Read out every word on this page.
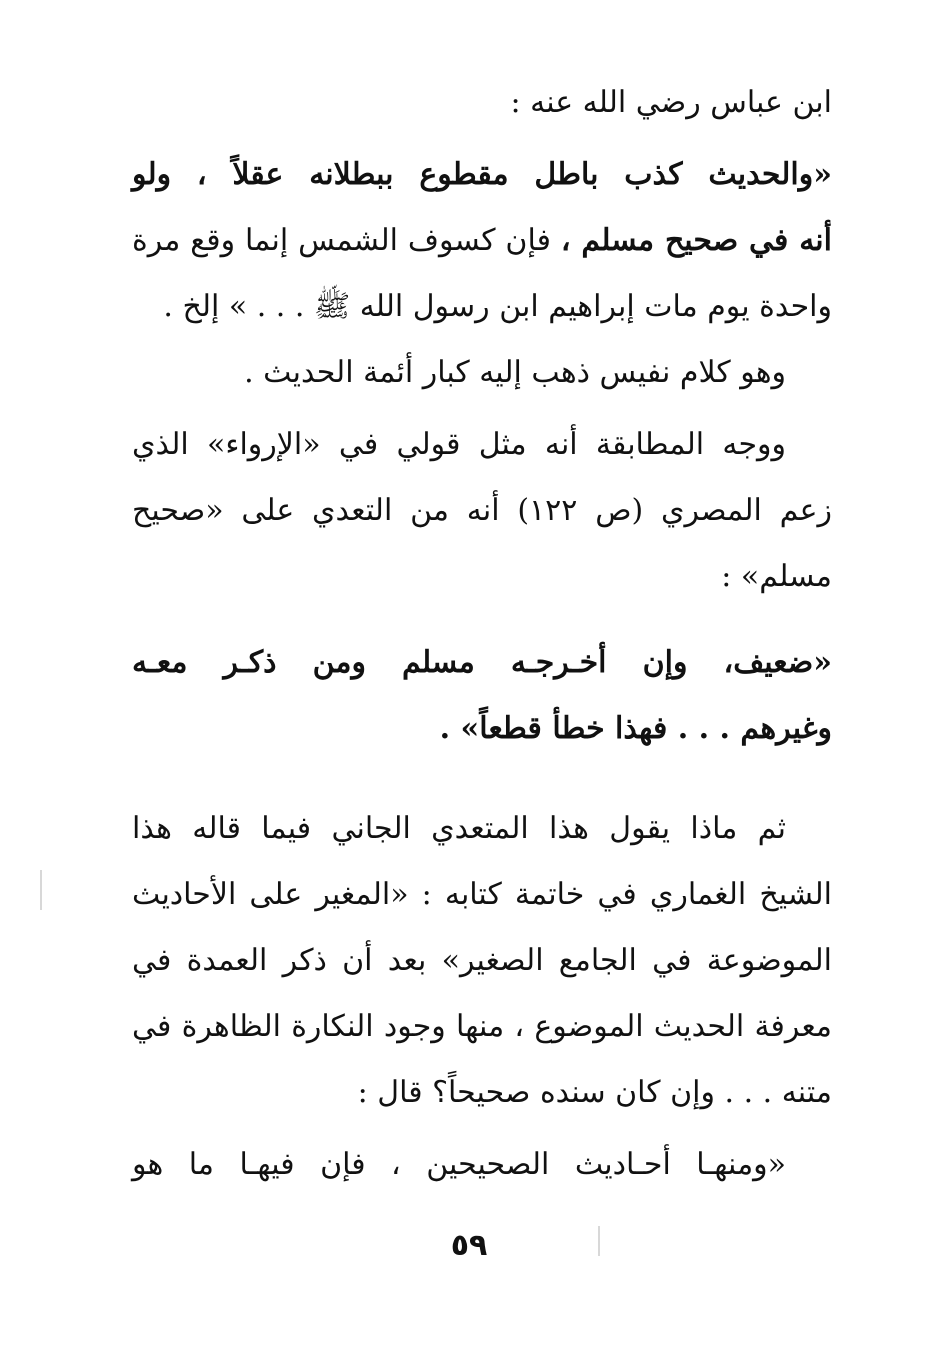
ابن عباس رضي الله عنه :
«والحديث كذب باطل مقطوع ببطلانه عقلاً ، ولو
أنه في صحيح مسلم ، فإن كسوف الشمس إنما وقع مرة
واحدة يوم مات إبراهيم ابن رسول الله ﷺ . . . » إلخ .
وهو كلام نفيس ذهب إليه كبار أئمة الحديث .
ووجه المطابقة أنه مثل قولي في «الإرواء» الذي
زعم المصري (ص ١٢٢) أنه من التعدي على «صحيح
مسلم» :
«ضعيف، وإن أخـرجـه مسلم ومن ذكـر معـه
وغيرهم . . . فهذا خطأ قطعاً» .
ثم ماذا يقول هذا المتعدي الجاني فيما قاله هذا
الشيخ الغماري في خاتمة كتابه : «المغير على الأحاديث
الموضوعة في الجامع الصغير» بعد أن ذكر العمدة في
معرفة الحديث الموضوع ، منها وجود النكارة الظاهرة في
متنه . . . وإن كان سنده صحيحاً؟ قال :
«ومنهـا أحـاديث الصحيحين ، فإن فيهـا ما هو
٥٩
